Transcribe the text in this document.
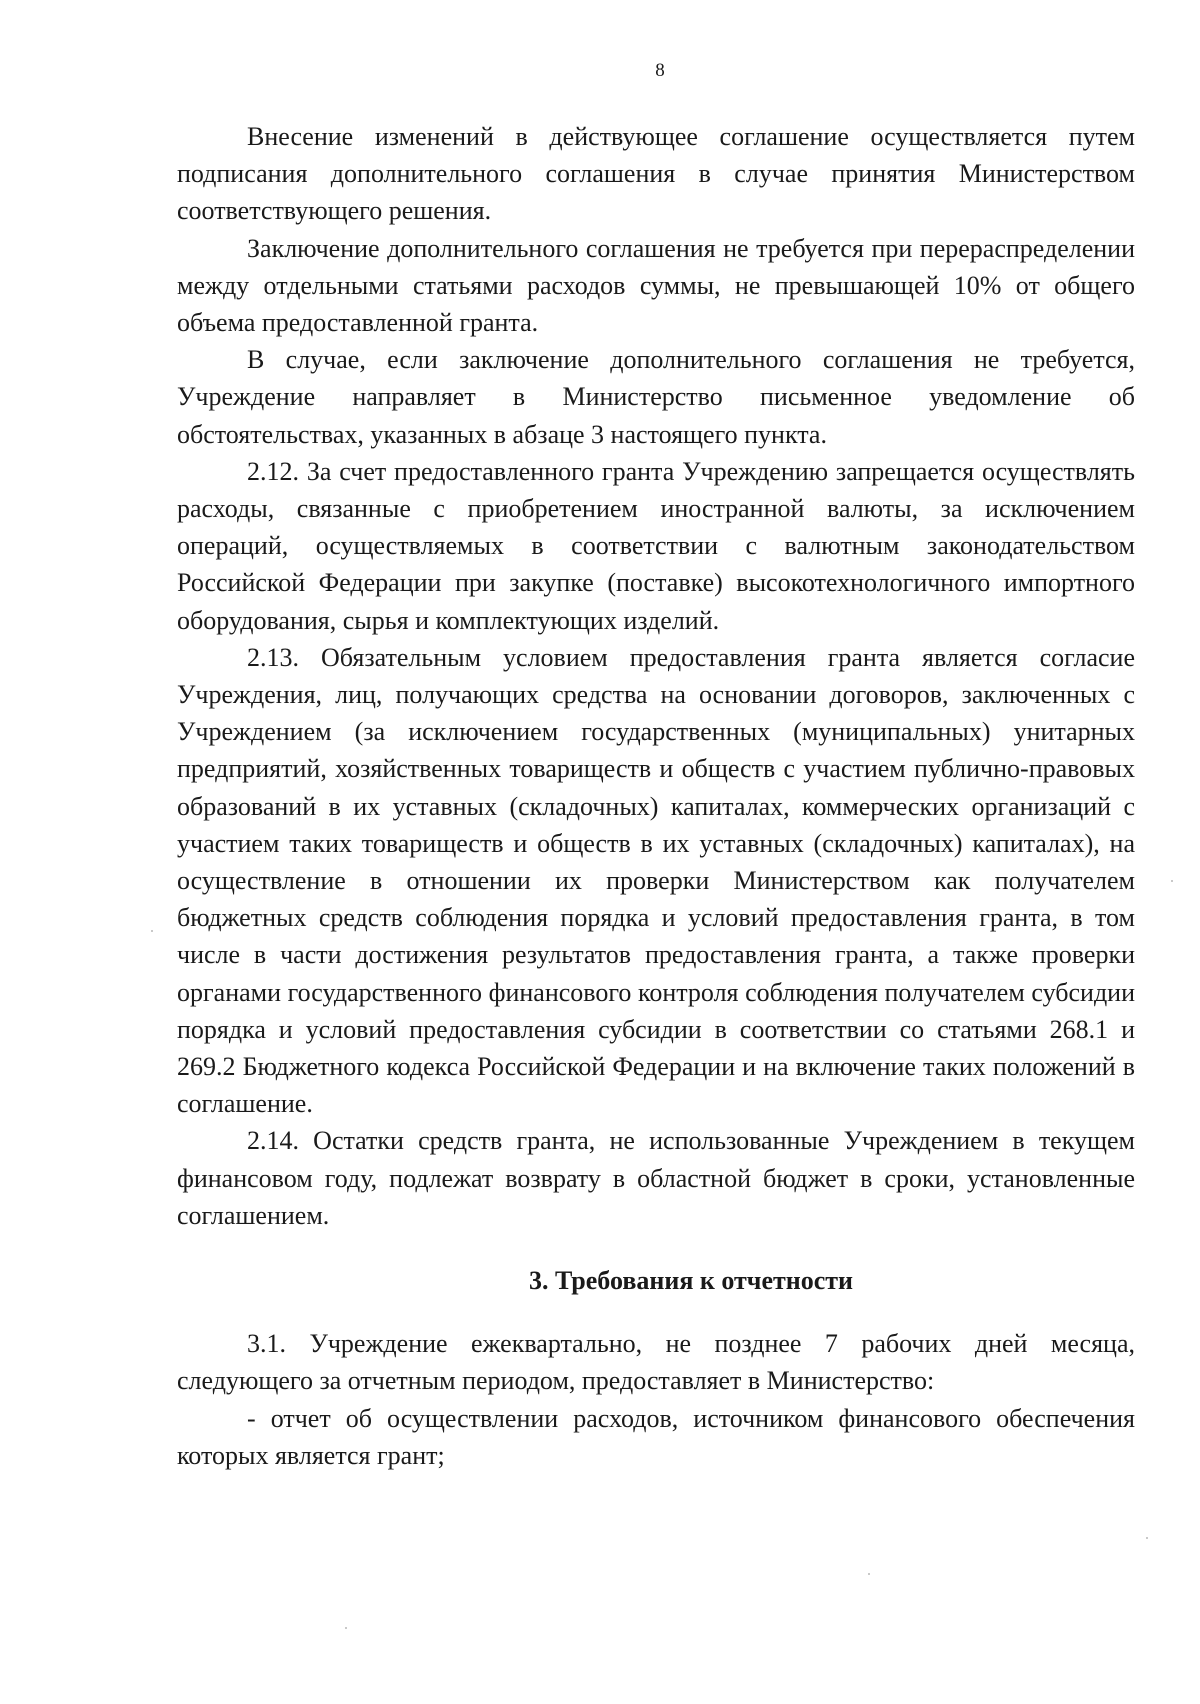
8

Внесение изменений в действующее соглашение осуществляется путем подписания дополнительного соглашения в случае принятия Министерством соответствующего решения.

Заключение дополнительного соглашения не требуется при перераспределении между отдельными статьями расходов суммы, не превышающей 10% от общего объема предоставленной гранта.

В случае, если заключение дополнительного соглашения не требуется, Учреждение направляет в Министерство письменное уведомление об обстоятельствах, указанных в абзаце 3 настоящего пункта.

2.12. За счет предоставленного гранта Учреждению запрещается осуществлять расходы, связанные с приобретением иностранной валюты, за исключением операций, осуществляемых в соответствии с валютным законодательством Российской Федерации при закупке (поставке) высокотехнологичного импортного оборудования, сырья и комплектующих изделий.

2.13. Обязательным условием предоставления гранта является согласие Учреждения, лиц, получающих средства на основании договоров, заключенных с Учреждением (за исключением государственных (муниципальных) унитарных предприятий, хозяйственных товариществ и обществ с участием публично-правовых образований в их уставных (складочных) капиталах, коммерческих организаций с участием таких товариществ и обществ в их уставных (складочных) капиталах), на осуществление в отношении их проверки Министерством как получателем бюджетных средств соблюдения порядка и условий предоставления гранта, в том числе в части достижения результатов предоставления гранта, а также проверки органами государственного финансового контроля соблюдения получателем субсидии порядка и условий предоставления субсидии в соответствии со статьями 268.1 и 269.2 Бюджетного кодекса Российской Федерации и на включение таких положений в соглашение.

2.14. Остатки средств гранта, не использованные Учреждением в текущем финансовом году, подлежат возврату в областной бюджет в сроки, установленные соглашением.

3. Требования к отчетности

3.1. Учреждение ежеквартально, не позднее 7 рабочих дней месяца, следующего за отчетным периодом, предоставляет в Министерство:

- отчет об осуществлении расходов, источником финансового обеспечения которых является грант;
